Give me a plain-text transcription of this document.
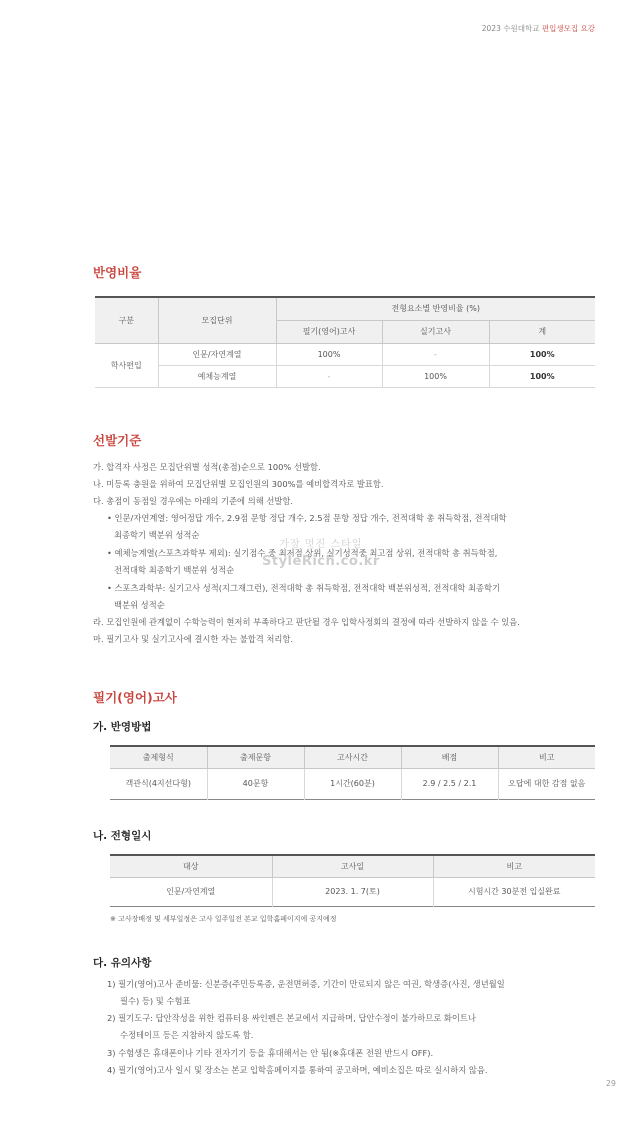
2023 수원대학교 편입생모집 요강
반영비율
구분	모집단위	전형요소별 반영비율 (%)		
		필기(영어)고사	실기고사	계
학사편입	인문/자연계열	100%	-	100%
	예체능계열	-	100%	100%
선발기준
가. 합격자 사정은 모집단위별 성적(총점)순으로 100% 선발함.
나. 미등록 충원을 위하여 모집단위별 모집인원의 300%를 예비합격자로 발표함.
다. 총점이 동점일 경우에는 아래의 기준에 의해 선발함.
• 인문/자연계열: 영어정답 개수, 2.9점 문항 정답 개수, 2.5점 문항 정답 개수, 전적대학 총 취득학점, 전적대학
최종학기 백분위 성적순
• 예체능계열(스포츠과학부 제외): 실기점수 중 최저점 상위, 실기성적중 최고점 상위, 전적대학 총 취득학점,
전적대학 최종학기 백분위 성적순
• 스포츠과학부: 실기고사 성적(지그재그런), 전적대학 총 취득학점, 전적대학 백분위성적, 전적대학 최종학기
백분위 성적순
라. 모집인원에 관계없이 수학능력이 현저히 부족하다고 판단될 경우 입학사정회의 결정에 따라 선발하지 않을 수 있음.
마. 필기고사 및 실기고사에 결시한 자는 불합격 처리함.
가장 멋진 스타일
StyleRich.co.kr
필기(영어)고사
가. 반영방법
출제형식	출제문항	고사시간	배점	비고
객관식(4지선다형)	40문항	1시간(60분)	2.9 / 2.5 / 2.1	오답에 대한 감점 없음
나. 전형일시
대상	고사일	비고
인문/자연계열	2023. 1. 7(토)	시험시간 30분전 입실완료
※ 고사장배정 및 세부일정은 고사 일주일전 본교 입학홈페이지에 공지예정
다. 유의사항
1) 필기(영어)고사 준비물: 신분증(주민등록증, 운전면허증, 기간이 만료되지 않은 여권, 학생증(사진, 생년월일
필수) 등) 및 수험표
2) 필기도구: 답안작성을 위한 컴퓨터용 싸인펜은 본교에서 지급하며, 답안수정이 불가하므로 화이트나
수정테이프 등은 지참하지 않도록 함.
3) 수험생은 휴대폰이나 기타 전자기기 등을 휴대해서는 안 됨(※휴대폰 전원 반드시 OFF).
4) 필기(영어)고사 일시 및 장소는 본교 입학홈페이지를 통하여 공고하며, 예비소집은 따로 실시하지 않음.
29
